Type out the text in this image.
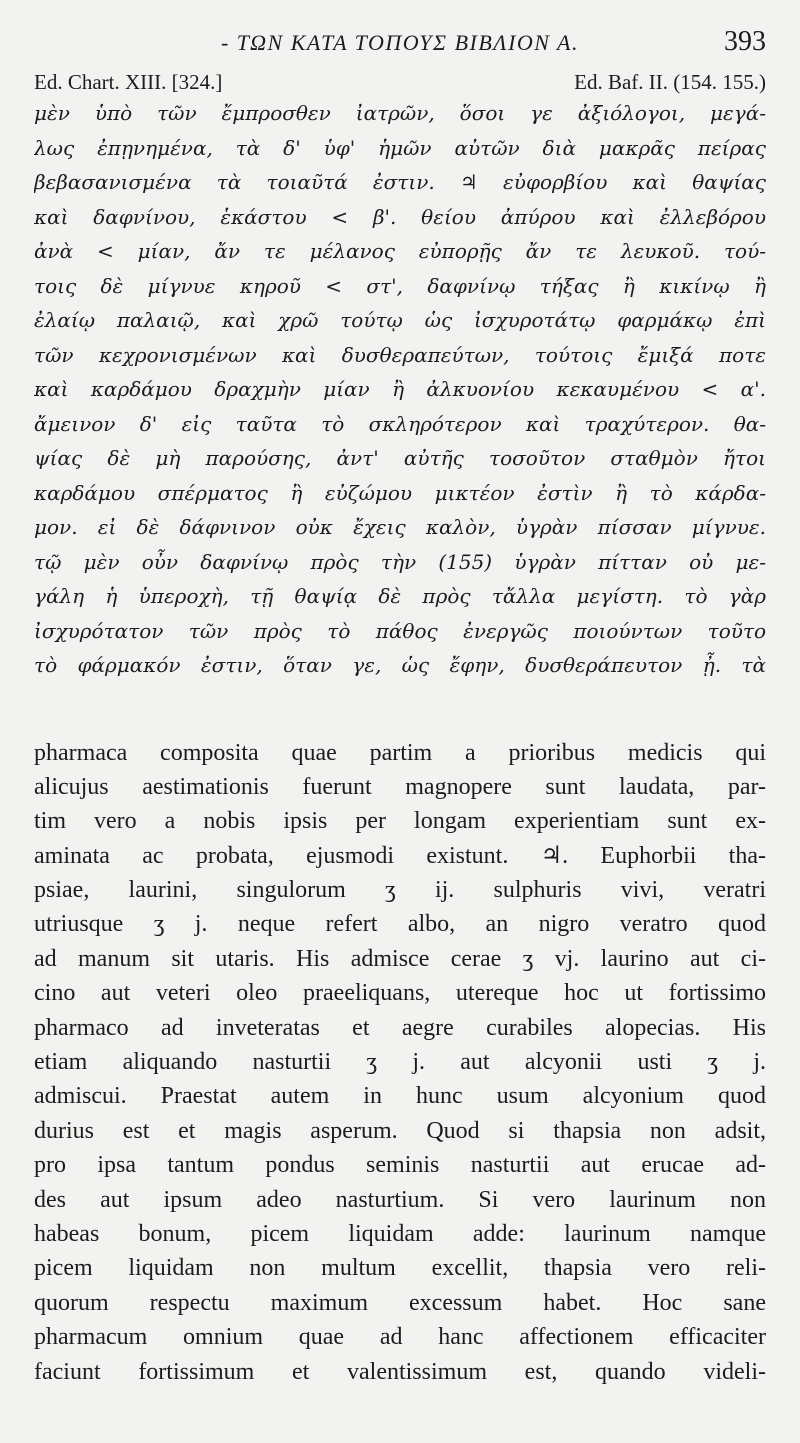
- ΤΩΝ ΚΑΤΑ ΤΟΠΟΥΣ ΒΙΒΛΙΟΝ Α.	393
Ed. Chart. XIII. [324.]	Ed. Baf. II. (154. 155.)
μὲν ὑπὸ τῶν ἔμπροσθεν ἰατρῶν, ὅσοι γε ἀξιόλογοι, μεγά-
λως ἐπῃνημένα, τὰ δ' ὑφ' ἡμῶν αὐτῶν διὰ μακρᾶς πείρας
βεβασανισμένα τὰ τοιαῦτά ἐστιν. ♃ εὐφορβίου καὶ θαψίας
καὶ δαφνίνου, ἑκάστου < β'. θείου ἀπύρου καὶ ἐλλεβόρου
ἀνὰ < μίαν, ἄν τε μέλανος εὐπορῇς ἄν τε λευκοῦ. τού-
τοις δὲ μίγνυε κηροῦ < στ', δαφνίνῳ τήξας ἢ κικίνῳ ἢ
ἐλαίῳ παλαιῷ, καὶ χρῶ τούτῳ ὡς ἰσχυροτάτῳ φαρμάκῳ ἐπὶ
τῶν κεχρονισμένων καὶ δυσθεραπεύτων, τούτοις ἔμιξά ποτε
καὶ καρδάμου δραχμὴν μίαν ἢ ἀλκυονίου κεκαυμένου < α'.
ἄμεινον δ' εἰς ταῦτα τὸ σκληρότερον καὶ τραχύτερον. θα-
ψίας δὲ μὴ παρούσης, ἀντ' αὐτῆς τοσοῦτον σταθμὸν ἤτοι
καρδάμου σπέρματος ἢ εὐζώμου μικτέον ἐστὶν ἢ τὸ κάρδα-
μον. εἰ δὲ δάφνινον οὐκ ἔχεις καλὸν, ὑγρὰν πίσσαν μίγνυε.
τῷ μὲν οὖν δαφνίνῳ πρὸς τὴν (155) ὑγρὰν πίτταν οὐ με-
γάλη ἡ ὑπεροχὴ, τῇ θαψίᾳ δὲ πρὸς τἄλλα μεγίστη. τὸ γὰρ
ἰσχυρότατον τῶν πρὸς τὸ πάθος ἐνεργῶς ποιούντων τοῦτο
τὸ φάρμακόν ἐστιν, ὅταν γε, ὡς ἔφην, δυσθεράπευτον ᾖ. τὰ
pharmaca composita quae partim a prioribus medicis qui
alicujus aestimationis fuerunt magnopere sunt laudata, par-
tim vero a nobis ipsis per longam experientiam sunt ex-
aminata ac probata, ejusmodi existunt. ♃. Euphorbii tha-
psiae, laurini, singulorum ʒ ij. sulphuris vivi, veratri
utriusque ʒ j. neque refert albo, an nigro veratro quod
ad manum sit utaris. His admisce cerae ʒ vj. laurino aut ci-
cino aut veteri oleo praeeliquans, utereque hoc ut fortissimo
pharmaco ad inveteratas et aegre curabiles alopecias. His
etiam aliquando nasturtii ʒ j. aut alcyonii usti ʒ j.
admiscui. Praestat autem in hunc usum alcyonium quod
durius est et magis asperum. Quod si thapsia non adsit,
pro ipsa tantum pondus seminis nasturtii aut erucae ad-
des aut ipsum adeo nasturtium. Si vero laurinum non
habeas bonum, picem liquidam adde: laurinum namque
picem liquidam non multum excellit, thapsia vero reli-
quorum respectu maximum excessum habet. Hoc sane
pharmacum omnium quae ad hanc affectionem efficaciter
faciunt fortissimum et valentissimum est, quando videli-
